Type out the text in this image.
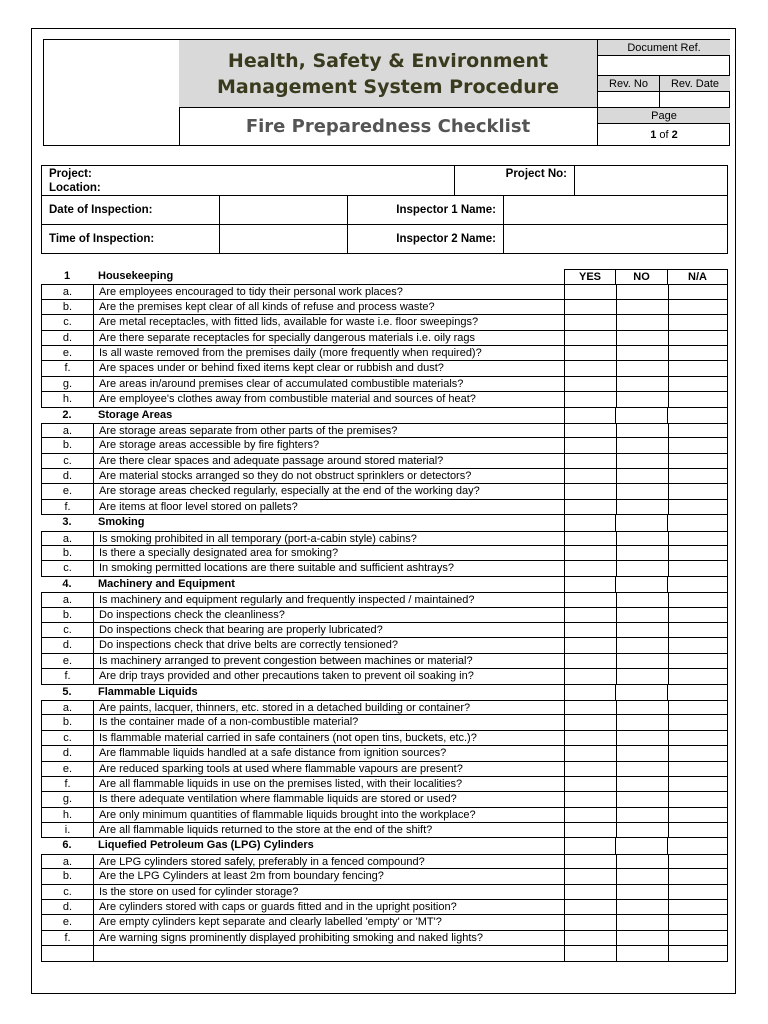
Health, Safety & Environment
Management System Procedure
Fire Preparedness Checklist
Document Ref.
Rev. No	Rev. Date
Page
1
of
2
Project:
Location:
Project No:
Date of Inspection:	Inspector 1 Name:
Time of Inspection:	Inspector 2 Name:
1	Housekeeping	YES	NO	N/A
a.	Are employees encouraged to tidy their personal work places?
b.	Are the premises kept clear of all kinds of refuse and process waste?
c.	Are metal receptacles, with fitted lids, available for waste i.e. floor sweepings?
d.	Are there separate receptacles for specially dangerous materials i.e. oily rags
e.	Is all waste removed from the premises daily (more frequently when required)?
f.	Are spaces under or behind fixed items kept clear or rubbish and dust?
g.	Are areas in/around premises clear of accumulated combustible materials?
h.	Are employee's clothes away from combustible material and sources of heat?
2.	Storage Areas
a.	Are storage areas separate from other parts of the premises?
b.	Are storage areas accessible by fire fighters?
c.	Are there clear spaces and adequate passage around stored material?
d.	Are material stocks arranged so they do not obstruct sprinklers or detectors?
e.	Are storage areas checked regularly, especially at the end of the working day?
f.	Are items at floor level stored on pallets?
3.	Smoking
a.	Is smoking prohibited in all temporary (port-a-cabin style) cabins?
b.	Is there a specially designated area for smoking?
c.	In smoking permitted locations are there suitable and sufficient ashtrays?
4.	Machinery and Equipment
a.	Is machinery and equipment regularly and frequently inspected / maintained?
b.	Do inspections check the cleanliness?
c.	Do inspections check that bearing are properly lubricated?
d.	Do inspections check that drive belts are correctly tensioned?
e.	Is machinery arranged to prevent congestion between machines or material?
f.	Are drip trays provided and other precautions taken to prevent oil soaking in?
5.	Flammable Liquids
a.	Are paints, lacquer, thinners, etc. stored in a detached building or container?
b.	Is the container made of a non-combustible material?
c.	Is flammable material carried in safe containers (not open tins, buckets, etc.)?
d.	Are flammable liquids handled at a safe distance from ignition sources?
e.	Are reduced sparking tools at used where flammable vapours are present?
f.	Are all flammable liquids in use on the premises listed, with their localities?
g.	Is there adequate ventilation where flammable liquids are stored or used?
h.	Are only minimum quantities of flammable liquids brought into the workplace?
i.	Are all flammable liquids returned to the store at the end of the shift?
6.	Liquefied Petroleum Gas (LPG) Cylinders
a.	Are LPG cylinders stored safely, preferably in a fenced compound?
b.	Are the LPG Cylinders at least 2m from boundary fencing?
c.	Is the store on used for cylinder storage?
d.	Are cylinders stored with caps or guards fitted and in the upright position?
e.	Are empty cylinders kept separate and clearly labelled 'empty' or 'MT'?
f.	Are warning signs prominently displayed prohibiting smoking and naked lights?
